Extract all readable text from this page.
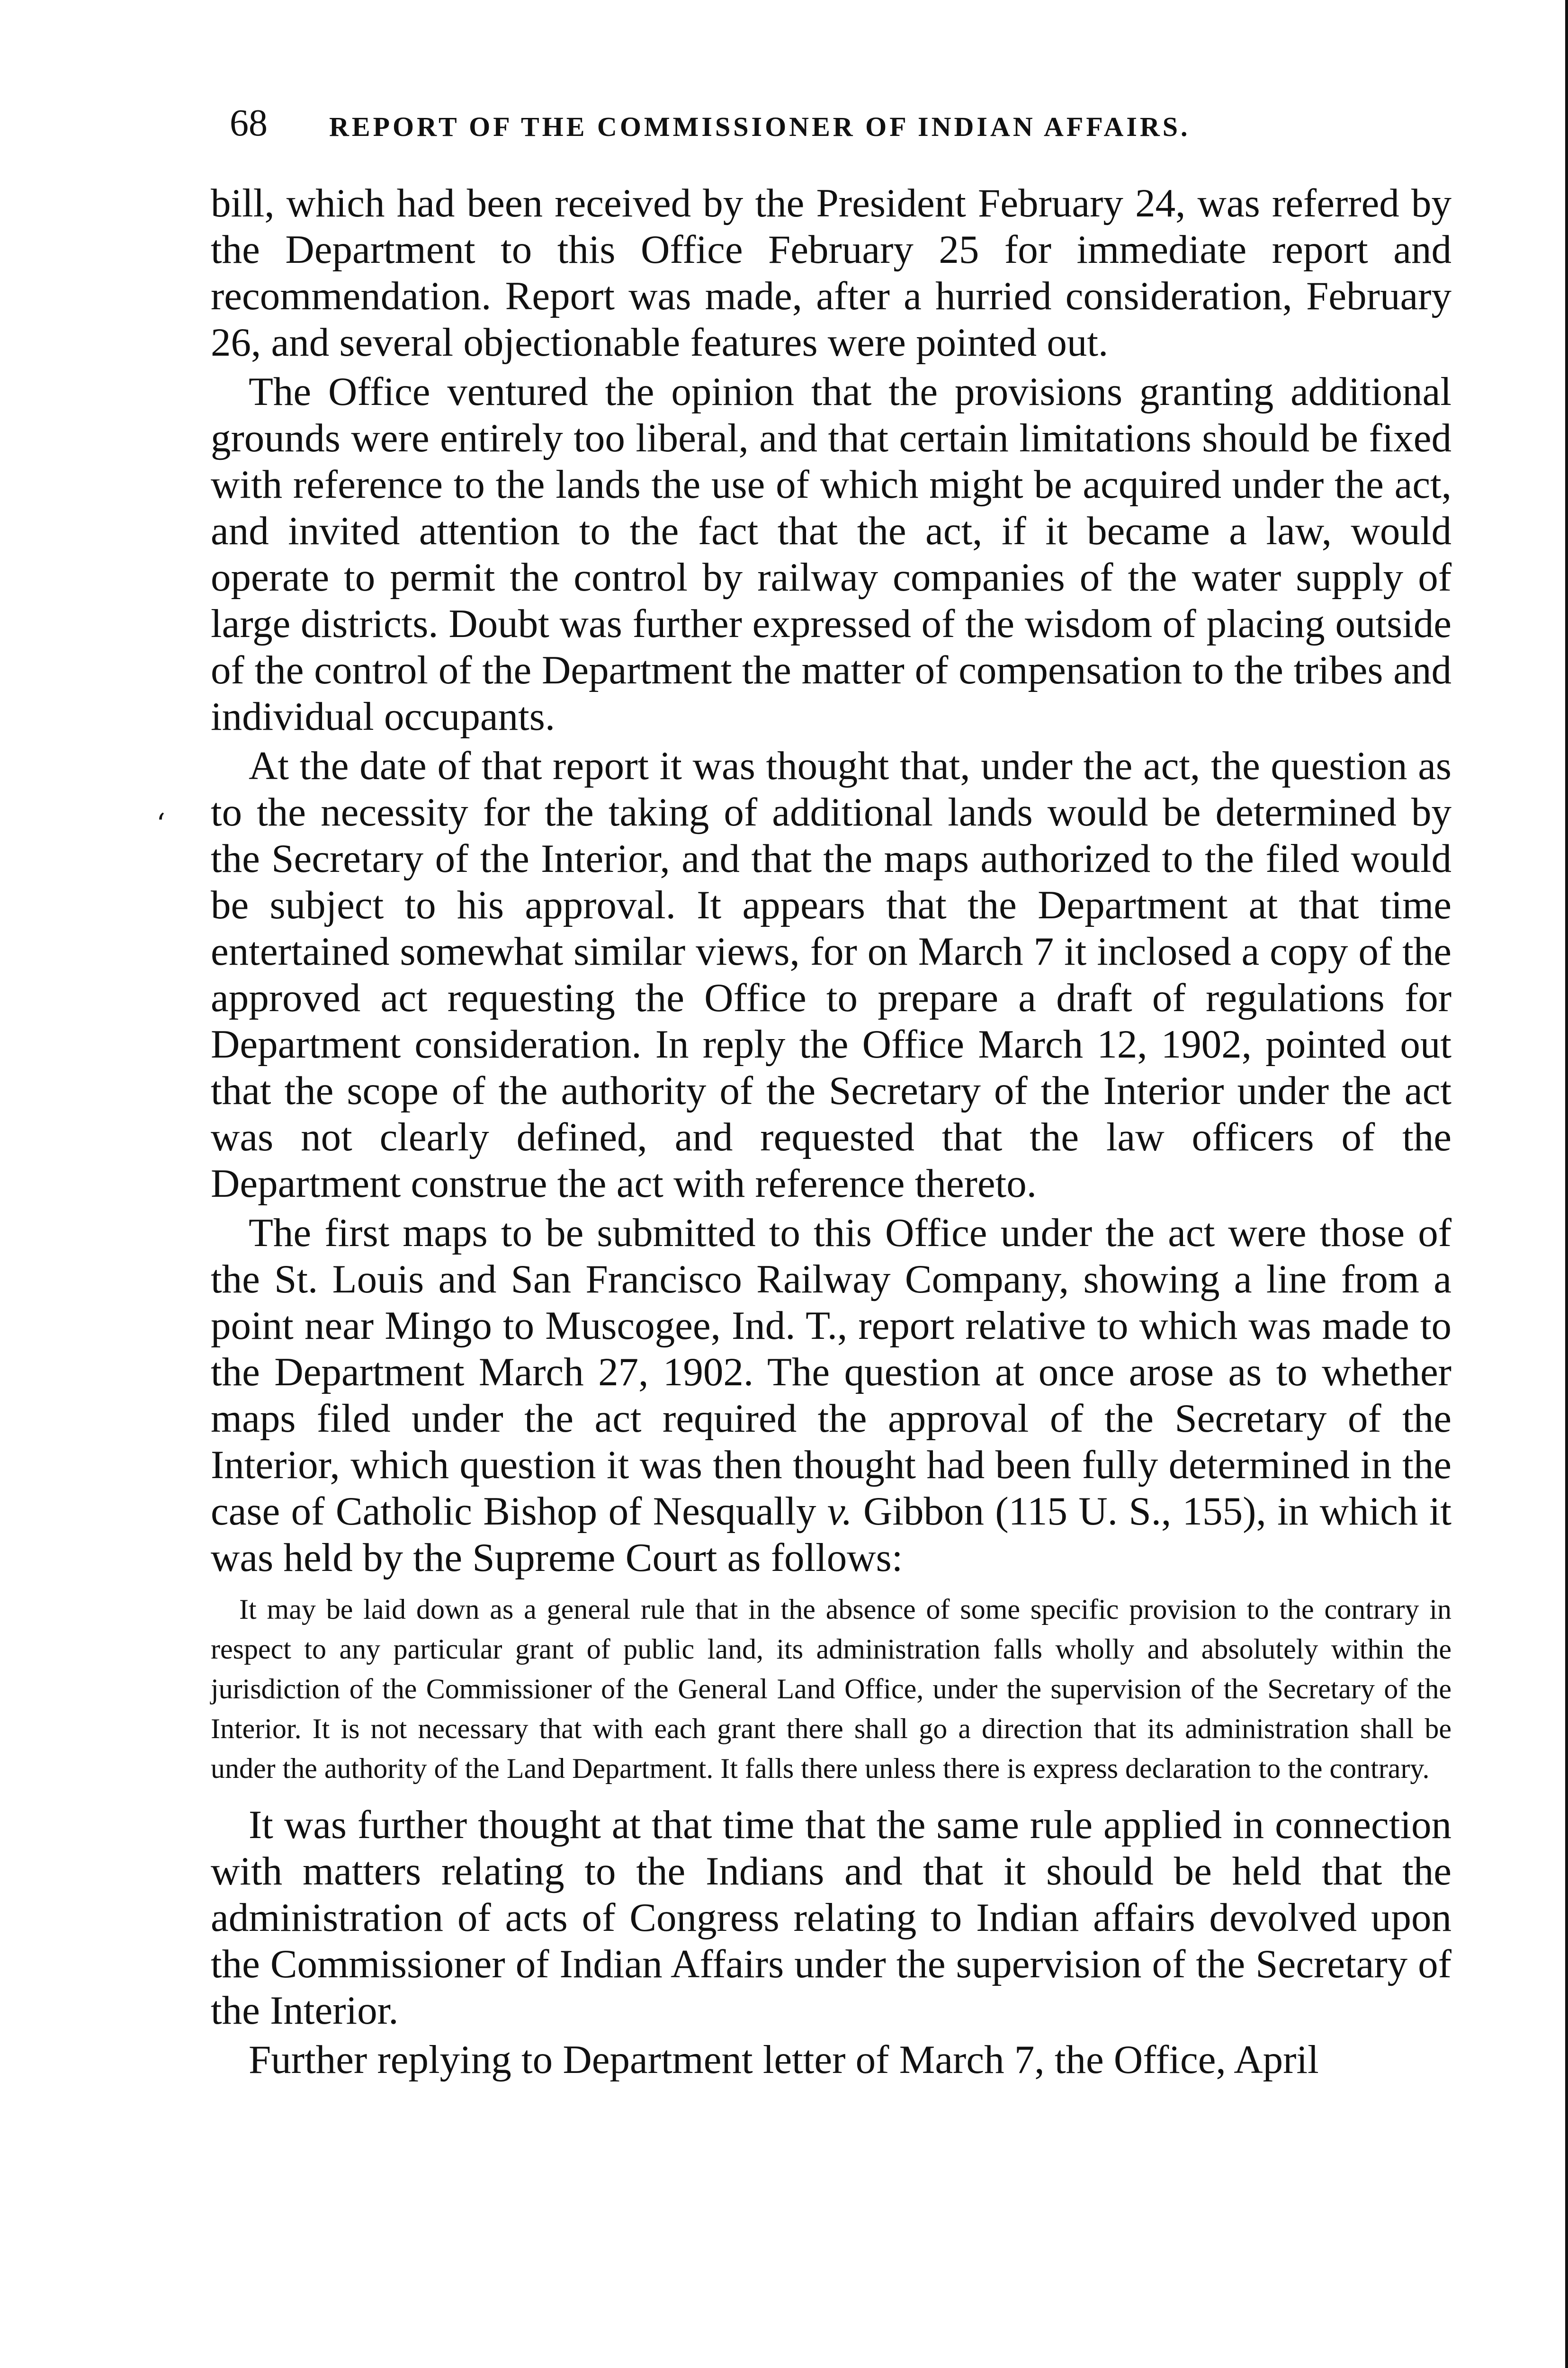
68 REPORT OF THE COMMISSIONER OF INDIAN AFFAIRS.
‘

bill, which had been received by the President February 24, was referred by the Department to this Office February 25 for immediate report and recommendation. Report was made, after a hurried consideration, February 26, and several objectionable features were pointed out.

The Office ventured the opinion that the provisions granting additional grounds were entirely too liberal, and that certain limitations should be fixed with reference to the lands the use of which might be acquired under the act, and invited attention to the fact that the act, if it became a law, would operate to permit the control by railway companies of the water supply of large districts. Doubt was further expressed of the wisdom of placing outside of the control of the Department the matter of compensation to the tribes and individual occupants.

At the date of that report it was thought that, under the act, the question as to the necessity for the taking of additional lands would be determined by the Secretary of the Interior, and that the maps authorized to the filed would be subject to his approval. It appears that the Department at that time entertained somewhat similar views, for on March 7 it inclosed a copy of the approved act requesting the Office to prepare a draft of regulations for Department consideration. In reply the Office March 12, 1902, pointed out that the scope of the authority of the Secretary of the Interior under the act was not clearly defined, and requested that the law officers of the Department construe the act with reference thereto.

The first maps to be submitted to this Office under the act were those of the St. Louis and San Francisco Railway Company, showing a line from a point near Mingo to Muscogee, Ind. T., report relative to which was made to the Department March 27, 1902. The question at once arose as to whether maps filed under the act required the approval of the Secretary of the Interior, which question it was then thought had been fully determined in the case of Catholic Bishop of Nesqually v. Gibbon (115 U. S., 155), in which it was held by the Supreme Court as follows:

It may be laid down as a general rule that in the absence of some specific provision to the contrary in respect to any particular grant of public land, its administration falls wholly and absolutely within the jurisdiction of the Commissioner of the General Land Office, under the supervision of the Secretary of the Interior. It is not necessary that with each grant there shall go a direction that its administration shall be under the authority of the Land Department. It falls there unless there is express declaration to the contrary.

It was further thought at that time that the same rule applied in connection with matters relating to the Indians and that it should be held that the administration of acts of Congress relating to Indian affairs devolved upon the Commissioner of Indian Affairs under the supervision of the Secretary of the Interior.

Further replying to Department letter of March 7, the Office, April
